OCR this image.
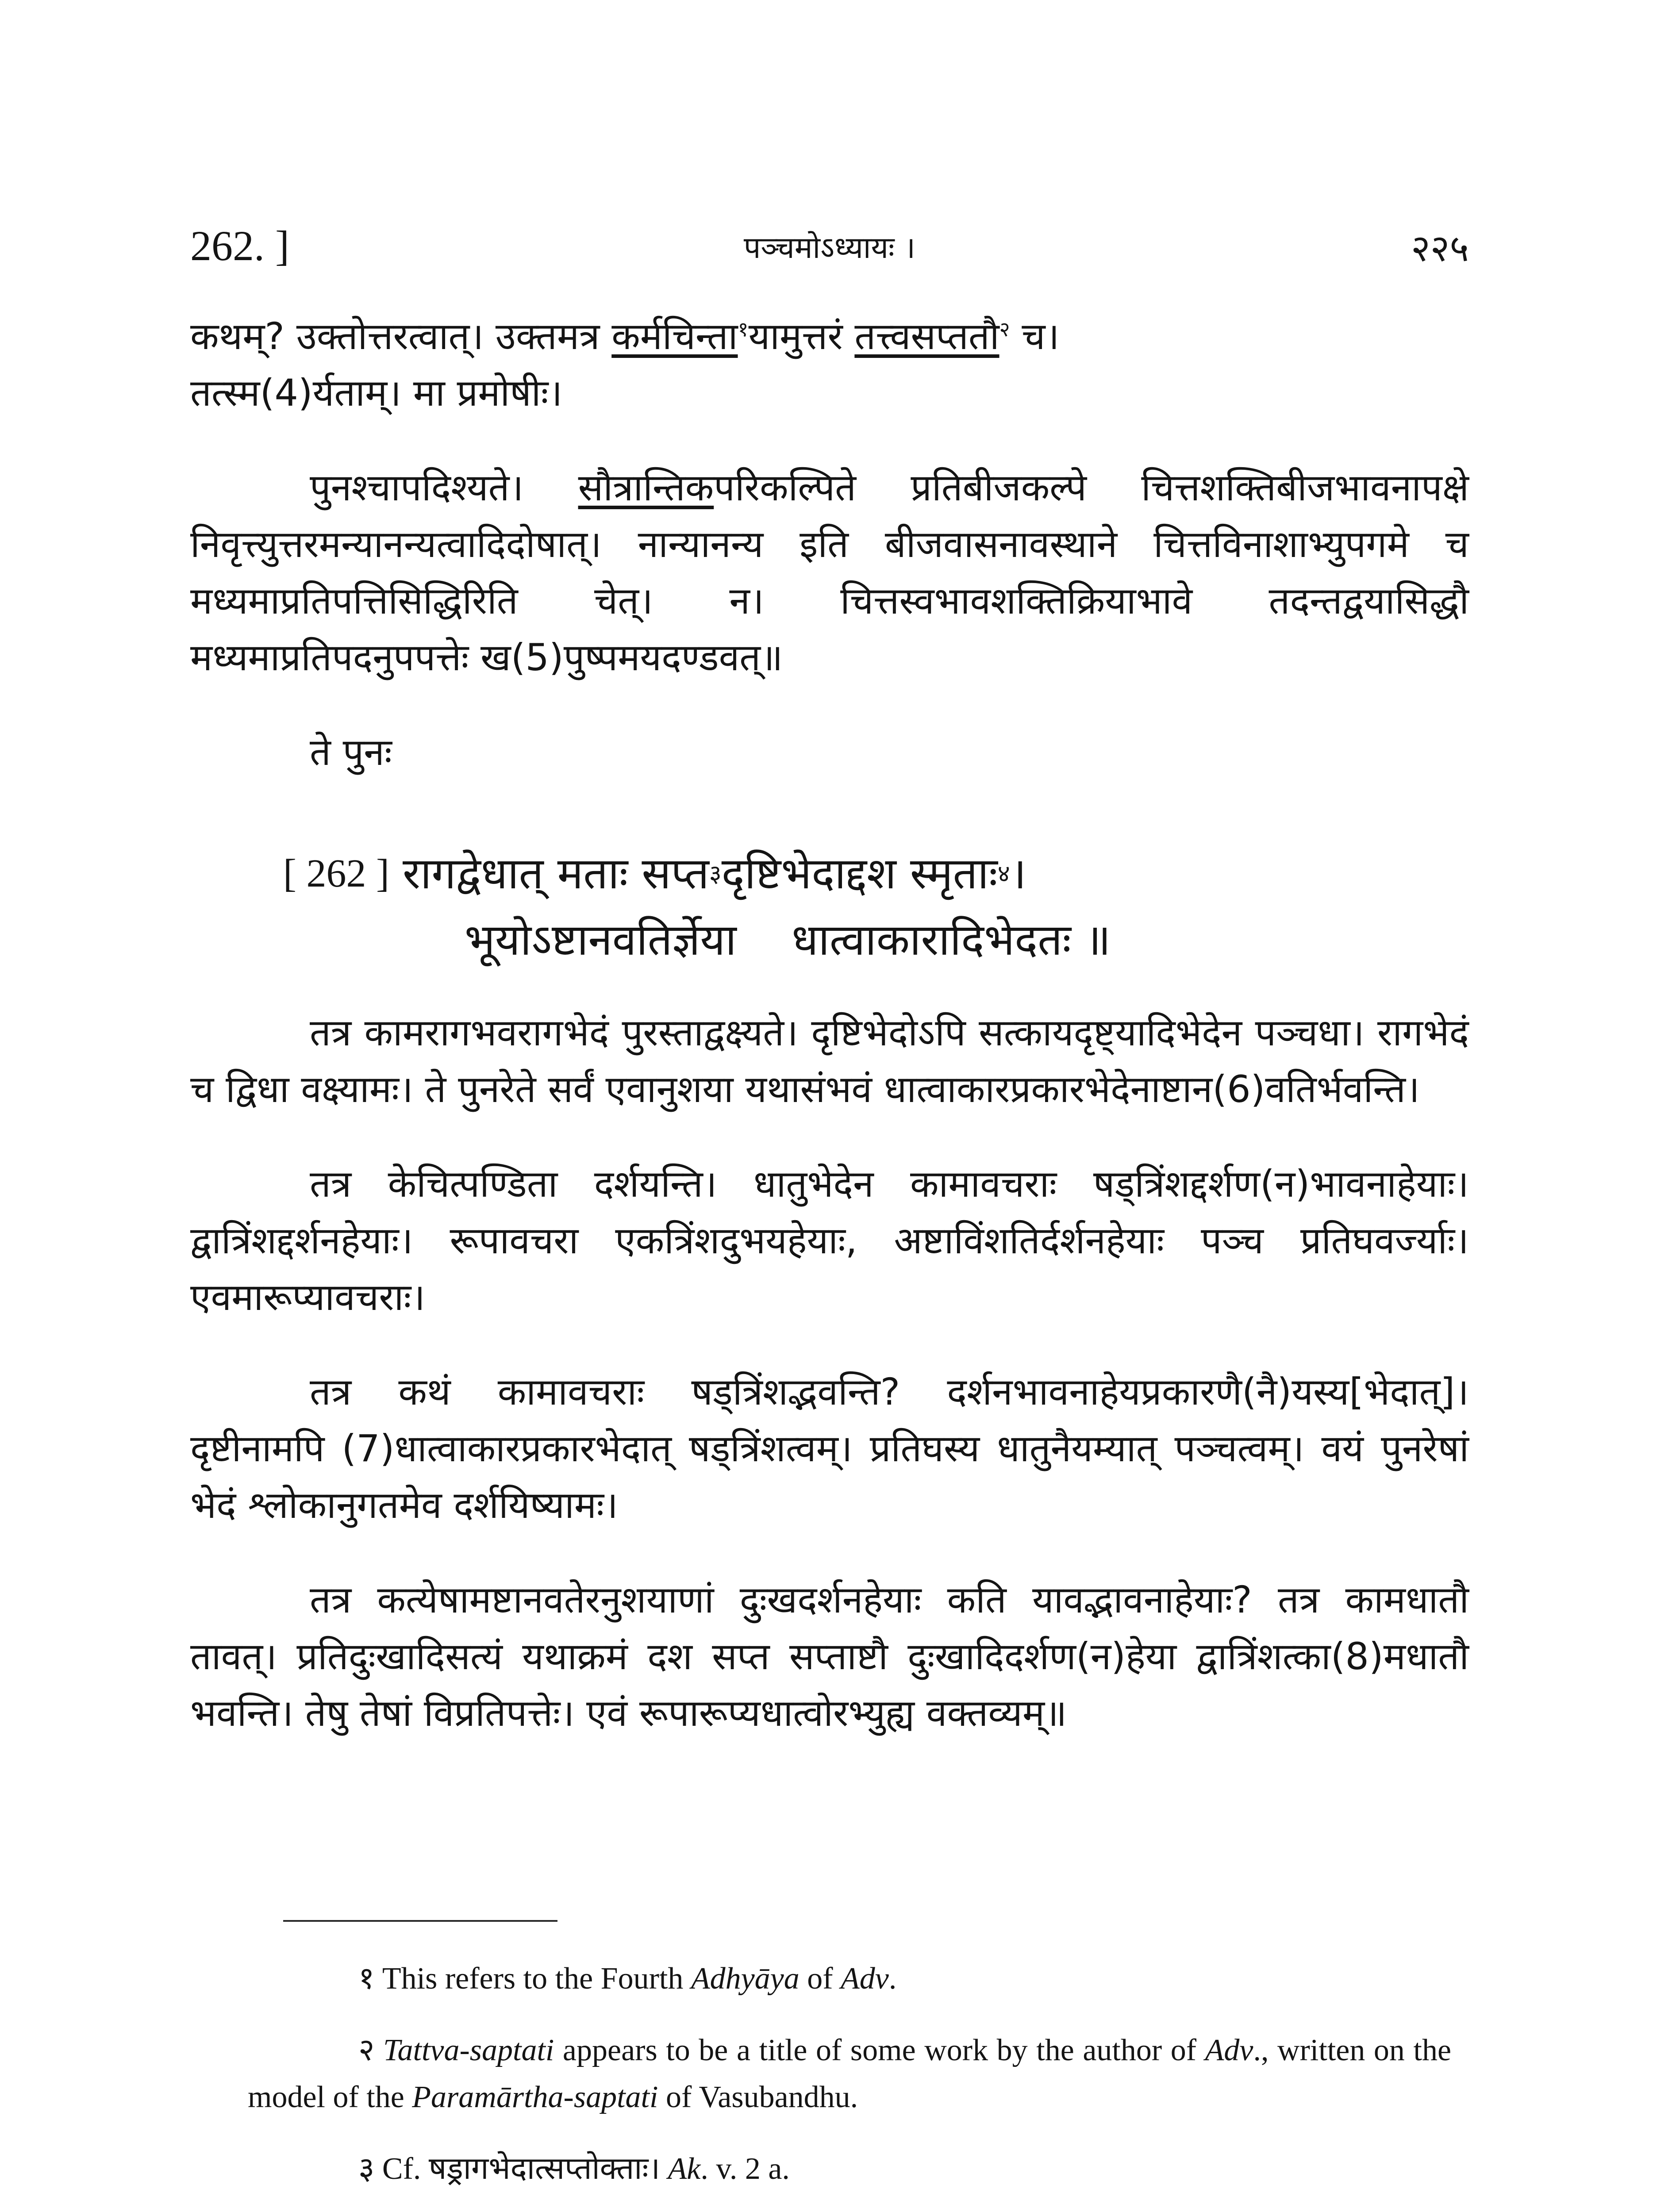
262. ]	पञ्चमोऽध्यायः ।	२२५

कथम्? उक्तोत्तरत्वात्। उक्तमत्र कर्मचिन्ता$^१$यामुत्तरं तत्त्वसप्ततौ$^२$ च।
तत्स्म(4)र्यताम्। मा प्रमोषीः।

पुनश्चापदिश्यते। सौत्रान्तिकपरिकल्पिते प्रतिबीजकल्पे चित्तशक्तिबीजभावनापक्षे निवृत्त्युत्तरमन्यानन्यत्वादिदोषात्। नान्यानन्य इति बीजवासनावस्थाने चित्तविनाशाभ्युपगमे च मध्यमाप्रतिपत्तिसिद्धिरिति चेत्। न। चित्तस्वभावशक्तिक्रियाभावे तदन्तद्वयासिद्धौ मध्यमाप्रतिपदनुपपत्तेः ख(5)पुष्पमयदण्डवत्॥

ते पुनः

[ 262 ] रागद्वेधात् मताः सप्त ३ दृष्टिभेदाद्दश स्मृताः ४ ।
भूयोऽष्टानवतिर्ज्ञेया    धात्वाकारादिभेदतः ॥

तत्र कामरागभवरागभेदं पुरस्ताद्वक्ष्यते। दृष्टिभेदोऽपि सत्कायदृष्ट्यादिभेदेन पञ्चधा। रागभेदं च द्विधा वक्ष्यामः। ते पुनरेते सर्वं एवानुशया यथासंभवं धात्वाकारप्रकारभेदेनाष्टान(6)वतिर्भवन्ति।

तत्र केचित्पण्डिता दर्शयन्ति। धातुभेदेन कामावचराः षड्त्रिंशद्दर्शण(न)भावनाहेयाः। द्वात्रिंशद्दर्शनहेयाः। रूपावचरा एकत्रिंशदुभयहेयाः, अष्टाविंशतिर्दर्शनहेयाः पञ्च प्रतिघवर्ज्याः। एवमारूप्यावचराः।

तत्र कथं कामावचराः षड्त्रिंशद्भवन्ति? दर्शनभावनाहेयप्रकारणै(नै)यस्य[भेदात्]। दृष्टीनामपि (7)धात्वाकारप्रकारभेदात् षड्त्रिंशत्वम्। प्रतिघस्य धातुनैयम्यात् पञ्चत्वम्। वयं पुनरेषां भेदं श्लोकानुगतमेव दर्शयिष्यामः।

तत्र कत्येषामष्टानवतेरनुशयाणां दुःखदर्शनहेयाः कति यावद्भावनाहेयाः? तत्र कामधातौ तावत्। प्रतिदुःखादिसत्यं यथाक्रमं दश सप्त सप्ताष्टौ दुःखादिदर्शण(न)हेया द्वात्रिंशत्का(8)मधातौ भवन्ति। तेषु तेषां विप्रतिपत्तेः। एवं रूपारूप्यधात्वोरभ्युह्य वक्तव्यम्॥

१ This refers to the Fourth Adhyāya of Adv.
२ Tattva-saptati appears to be a title of some work by the author of Adv., written on the model of the Paramārtha-saptati of Vasubandhu.
३ Cf. षड्रागभेदात्सप्तोक्ताः। Ak. v. 2 a.
